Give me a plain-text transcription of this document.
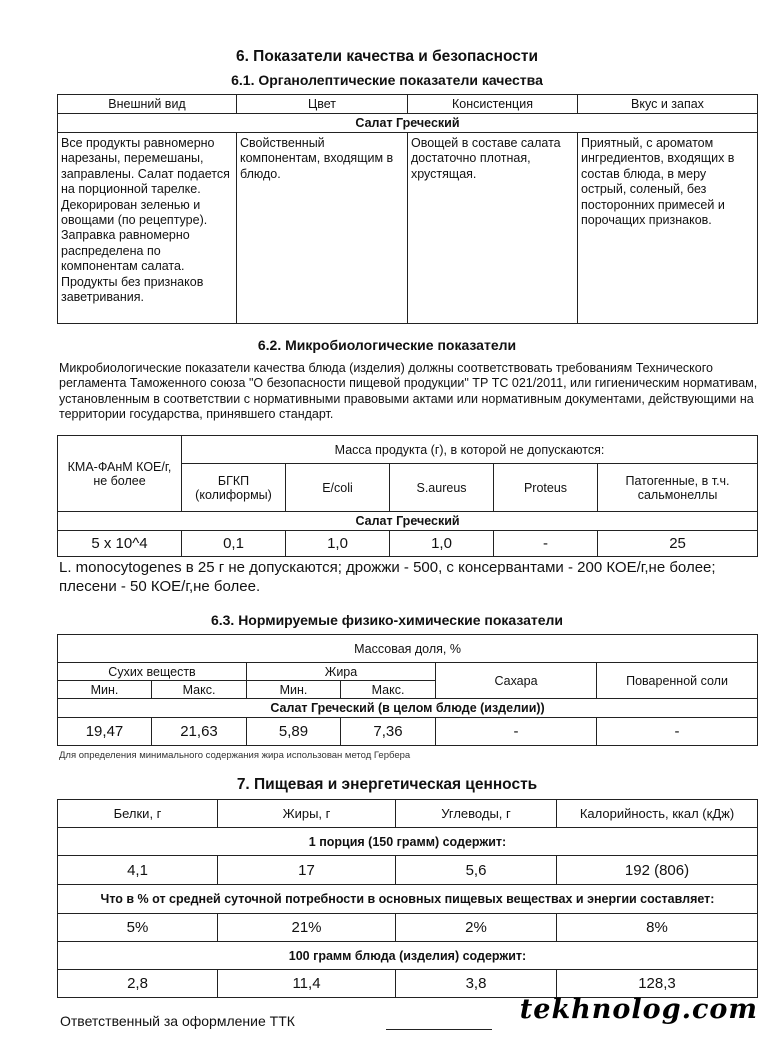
6. Показатели качества и безопасности
6.1. Органолептические показатели качества
Внешний вид	Цвет	Консистенция	Вкус и запах
Салат Греческий			
Все продукты равномерно нарезаны, перемешаны, заправлены. Салат подается на порционной тарелке. Декорирован зеленью и овощами (по рецептуре). Заправка равномерно распределена по компонентам салата. Продукты без признаков заветривания.	Свойственный компонентам, входящим в блюдо.	Овощей в составе салата достаточно плотная, хрустящая.	Приятный, с ароматом ингредиентов, входящих в состав блюда, в меру острый, соленый, без посторонних примесей и порочащих признаков.
6.2. Микробиологические показатели

Микробиологические показатели качества блюда (изделия) должны соответствовать требованиям Технического регламента Таможенного союза "О безопасности пищевой продукции" ТР ТС 021/2011, или гигиеническим нормативам, установленным в соответствии с нормативными правовыми актами или нормативным документами, действующими на территории государства, принявшего стандарт.

КМА-ФАнМ КОЕ/г, не более	Масса продукта (г), в которой не допускаются:				
	БГКП (колиформы)	E/coli	S.aureus	Proteus	Патогенные, в т.ч. сальмонеллы
Салат Греческий					
5 x 10^4	0,1	1,0	1,0	-	25
L. monocytogenes в 25 г не допускаются; дрожжи - 500, с консервантами - 200 КОЕ/г,не более; плесени - 50 КОЕ/г,не более.
6.3. Нормируемые физико-химические показатели
Массовая доля, %					
Сухих веществ		Жира		Сахара	Поваренной соли
Мин.	Макс.	Мин.	Макс.		
Салат Греческий (в целом блюде (изделии))					
19,47	21,63	5,89	7,36	-	-
Для определения минимального содержания жира использован метод Гербера
7. Пищевая и энергетическая ценность
Белки, г	Жиры, г	Углеводы, г	Калорийность, ккал (кДж)
1 порция (150 грамм) содержит:			
4,1	17	5,6	192 (806)
Что в % от средней суточной потребности в основных пищевых веществах и энергии составляет:			
5%	21%	2%	8%
100 грамм блюда (изделия) содержит:			
2,8	11,4	3,8	128,3
Ответственный за оформление ТТК	tekhnolog.com
